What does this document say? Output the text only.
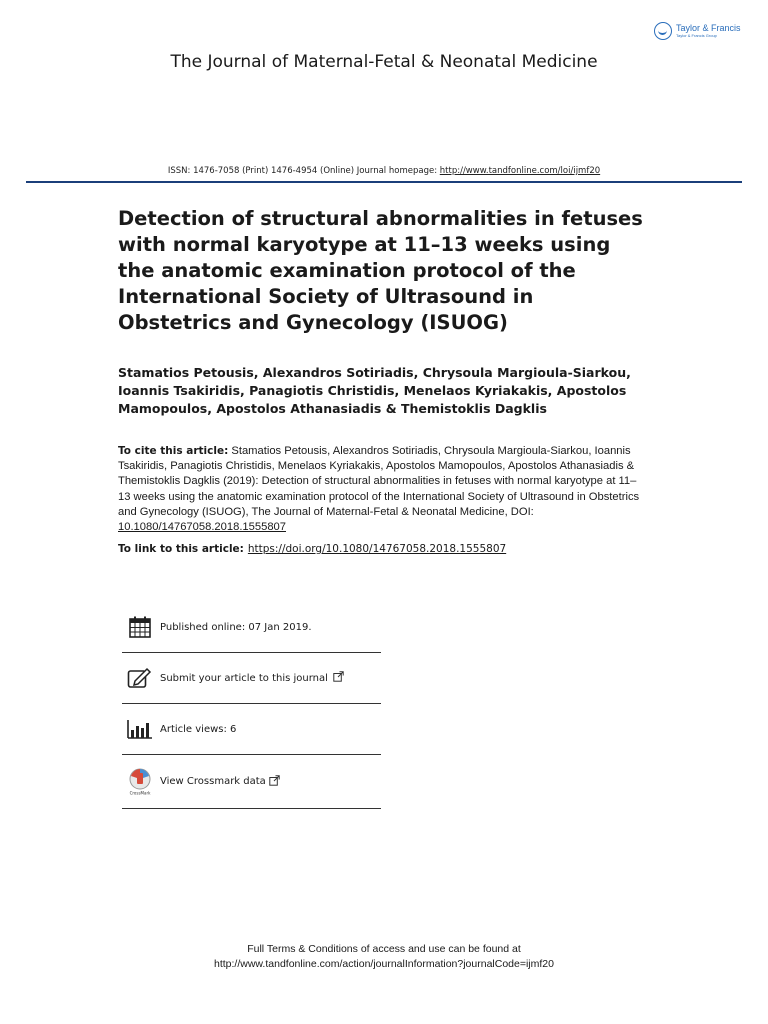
Taylor & Francis
Taylor & Francis Group
The Journal of Maternal-Fetal & Neonatal Medicine
ISSN: 1476-7058 (Print) 1476-4954 (Online) Journal homepage: http://www.tandfonline.com/loi/ijmf20
Detection of structural abnormalities in fetuses with normal karyotype at 11–13 weeks using the anatomic examination protocol of the International Society of Ultrasound in Obstetrics and Gynecology (ISUOG)
Stamatios Petousis, Alexandros Sotiriadis, Chrysoula Margioula-Siarkou, Ioannis Tsakiridis, Panagiotis Christidis, Menelaos Kyriakakis, Apostolos Mamopoulos, Apostolos Athanasiadis & Themistoklis Dagklis
To cite this article: Stamatios Petousis, Alexandros Sotiriadis, Chrysoula Margioula-Siarkou, Ioannis Tsakiridis, Panagiotis Christidis, Menelaos Kyriakakis, Apostolos Mamopoulos, Apostolos Athanasiadis & Themistoklis Dagklis (2019): Detection of structural abnormalities in fetuses with normal karyotype at 11–13 weeks using the anatomic examination protocol of the International Society of Ultrasound in Obstetrics and Gynecology (ISUOG), The Journal of Maternal-Fetal & Neonatal Medicine, DOI: 10.1080/14767058.2018.1555807
To link to this article: https://doi.org/10.1080/14767058.2018.1555807
Published online: 07 Jan 2019.
Submit your article to this journal
Article views: 6
CrossMark
View Crossmark data
Full Terms & Conditions of access and use can be found at
http://www.tandfonline.com/action/journalInformation?journalCode=ijmf20
